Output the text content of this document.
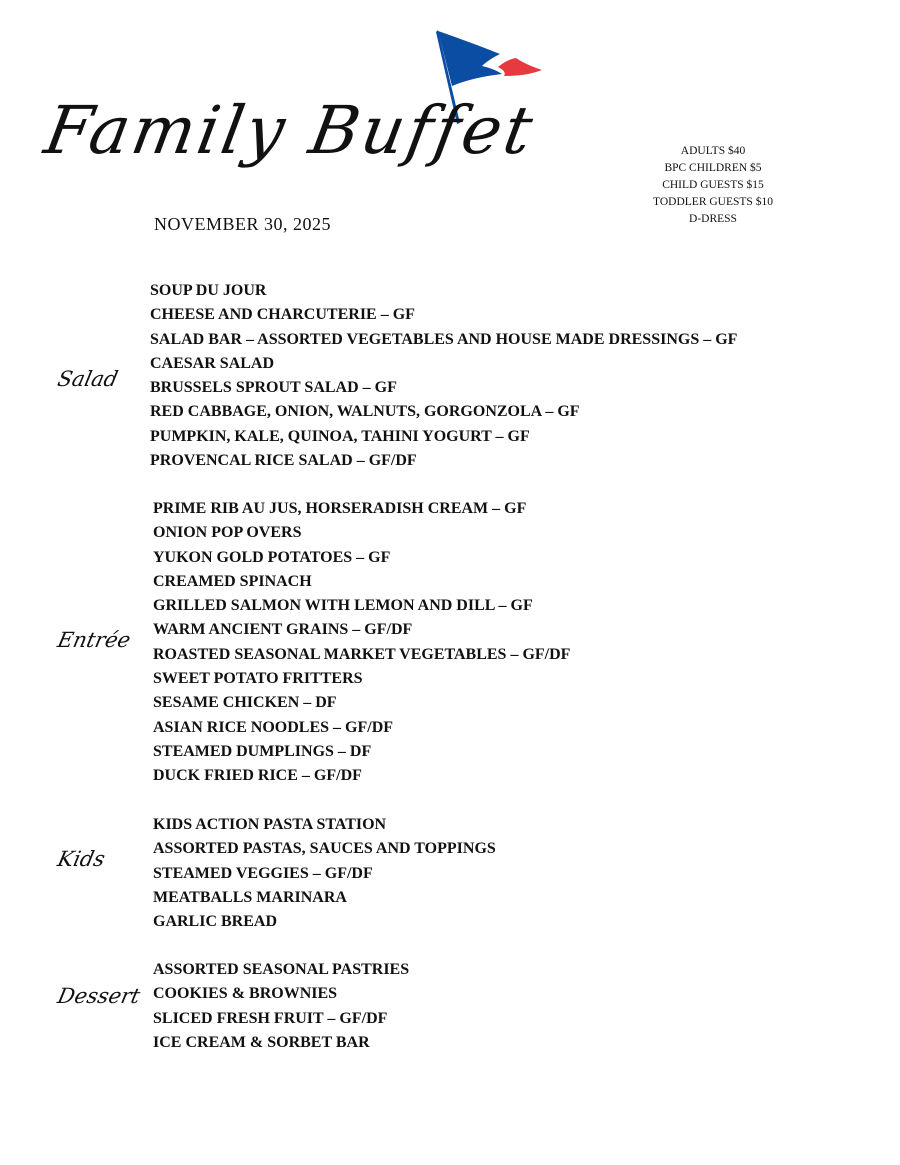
Family Buffet
NOVEMBER 30, 2025
ADULTS $40
BPC CHILDREN $5
CHILD GUESTS $15
TODDLER GUESTS $10
D-DRESS
Salad
SOUP DU JOUR
CHEESE AND CHARCUTERIE – GF
SALAD BAR – ASSORTED VEGETABLES AND HOUSE MADE DRESSINGS – GF
CAESAR SALAD
BRUSSELS SPROUT SALAD – GF
RED CABBAGE, ONION, WALNUTS, GORGONZOLA – GF
PUMPKIN, KALE, QUINOA, TAHINI YOGURT – GF
PROVENCAL RICE SALAD – GF/DF
Entrée
PRIME RIB AU JUS, HORSERADISH CREAM – GF
ONION POP OVERS
YUKON GOLD POTATOES – GF
CREAMED SPINACH
GRILLED SALMON WITH LEMON AND DILL – GF
WARM ANCIENT GRAINS – GF/DF
ROASTED SEASONAL MARKET VEGETABLES – GF/DF
SWEET POTATO FRITTERS
SESAME CHICKEN – DF
ASIAN RICE NOODLES – GF/DF
STEAMED DUMPLINGS – DF
DUCK FRIED RICE – GF/DF
Kids
KIDS ACTION PASTA STATION
ASSORTED PASTAS, SAUCES AND TOPPINGS
STEAMED VEGGIES – GF/DF
MEATBALLS MARINARA
GARLIC BREAD
Dessert
ASSORTED SEASONAL PASTRIES
COOKIES & BROWNIES
SLICED FRESH FRUIT – GF/DF
ICE CREAM & SORBET BAR
